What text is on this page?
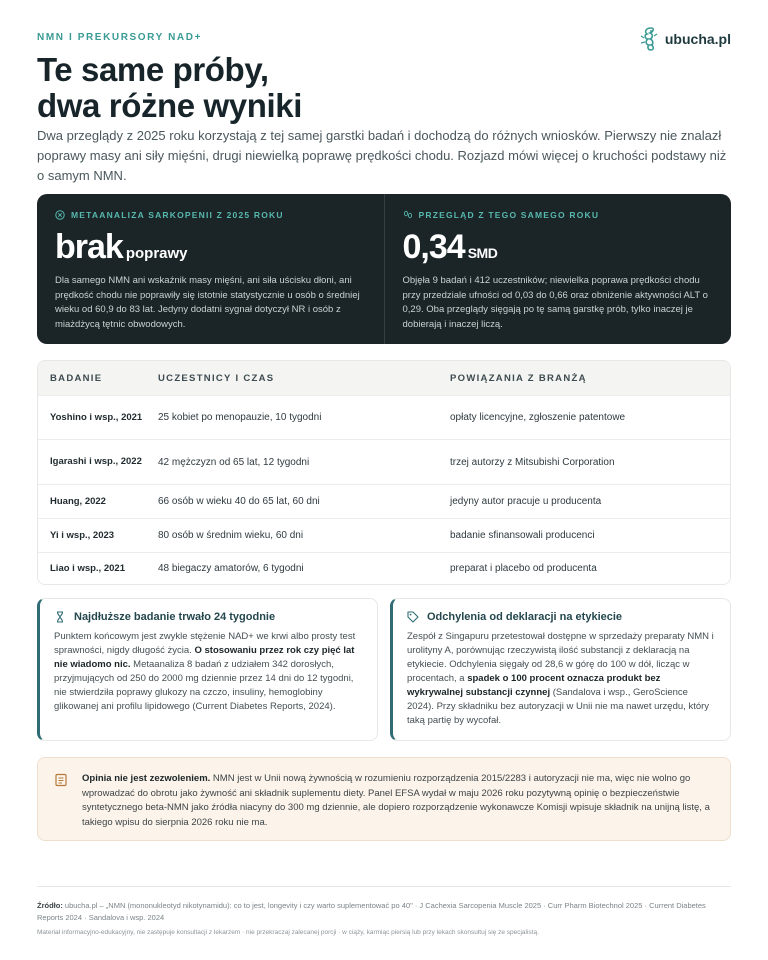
NMN I PREKURSORY NAD+	ubucha.pl
Te same próby,
dwa różne wyniki

Dwa przeglądy z 2025 roku korzystają z tej samej garstki badań i dochodzą do różnych wniosków. Pierwszy nie znalazł poprawy masy ani siły mięśni, drugi niewielką poprawę prędkości chodu. Rozjazd mówi więcej o kruchości podstawy niż o samym NMN.

METAANALIZA SARKOPENII Z 2025 ROKU
brak poprawy

Dla samego NMN ani wskaźnik masy mięśni, ani siła uścisku dłoni, ani prędkość chodu nie poprawiły się istotnie statystycznie u osób o średniej wieku od 60,9 do 83 lat. Jedyny dodatni sygnał dotyczył NR i osób z miażdżycą tętnic obwodowych.

PRZEGLĄD Z TEGO SAMEGO ROKU
0,34 SMD

Objęła 9 badań i 412 uczestników; niewielka poprawa prędkości chodu przy przedziale ufności od 0,03 do 0,66 oraz obniżenie aktywności ALT o 0,29. Oba przeglądy sięgają po tę samą garstkę prób, tylko inaczej je dobierają i inaczej liczą.

BADANIE	UCZESTNICY I CZAS	POWIĄZANIA Z BRANŻĄ
Yoshino i wsp., 2021	25 kobiet po menopauzie, 10 tygodni	opłaty licencyjne, zgłoszenie patentowe
Igarashi i wsp., 2022	42 mężczyzn od 65 lat, 12 tygodni	trzej autorzy z Mitsubishi Corporation
Huang, 2022	66 osób w wieku 40 do 65 lat, 60 dni	jedyny autor pracuje u producenta
Yi i wsp., 2023	80 osób w średnim wieku, 60 dni	badanie sfinansowali producenci
Liao i wsp., 2021	48 biegaczy amatorów, 6 tygodni	preparat i placebo od producenta
Najdłuższe badanie trwało 24 tygodnie

Punktem końcowym jest zwykle stężenie NAD+ we krwi albo prosty test sprawności, nigdy długość życia. O stosowaniu przez rok czy pięć lat nie wiadomo nic. Metaanaliza 8 badań z udziałem 342 dorosłych, przyjmujących od 250 do 2000 mg dziennie przez 14 dni do 12 tygodni, nie stwierdziła poprawy glukozy na czczo, insuliny, hemoglobiny glikowanej ani profilu lipidowego (Current Diabetes Reports, 2024).

Odchylenia od deklaracji na etykiecie

Zespół z Singapuru przetestował dostępne w sprzedaży preparaty NMN i urolityny A, porównując rzeczywistą ilość substancji z deklaracją na etykiecie. Odchylenia sięgały od 28,6 w górę do 100 w dół, licząc w procentach, a spadek o 100 procent oznacza produkt bez wykrywalnej substancji czynnej (Sandalova i wsp., GeroScience 2024). Przy składniku bez autoryzacji w Unii nie ma nawet urzędu, który taką partię by wycofał.

Opinia nie jest zezwoleniem. NMN jest w Unii nową żywnością w rozumieniu rozporządzenia 2015/2283 i autoryzacji nie ma, więc nie wolno go wprowadzać do obrotu jako żywność ani składnik suplementu diety. Panel EFSA wydał w maju 2026 roku pozytywną opinię o bezpieczeństwie syntetycznego beta-NMN jako źródła niacyny do 300 mg dziennie, ale dopiero rozporządzenie wykonawcze Komisji wpisuje składnik na unijną listę, a takiego wpisu do sierpnia 2026 roku nie ma.

Źródło: ubucha.pl – „NMN (mononukleotyd nikotynamidu): co to jest, longevity i czy warto suplementować po 40" · J Cachexia Sarcopenia Muscle 2025 · Curr Pharm Biotechnol 2025 · Current Diabetes Reports 2024 · Sandalova i wsp. 2024

Materiał informacyjno-edukacyjny, nie zastępuje konsultacji z lekarzem · nie przekraczaj zalecanej porcji · w ciąży, karmiąc piersią lub przy lekach skonsultuj się ze specjalistą.
